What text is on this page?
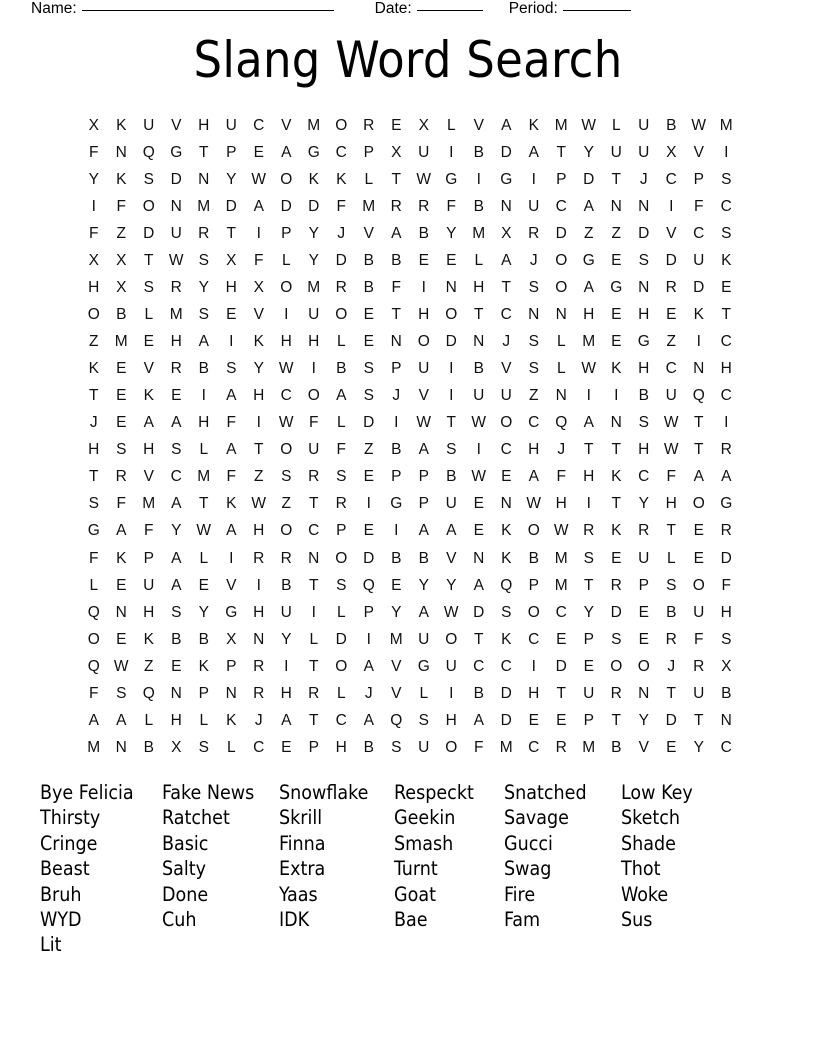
Name:	Date:	Period:
Slang Word Search
X	K	U	V	H	U	C	V	M O	R	E	X	L	V	A	K	M W	L	U	B W M
F	N	Q G	T	P	E	A	G	C	P	X	U	I	B	D	A	T	Y	U	U	X	V	I
Y	K	S	D	N	Y W O	K	K	L	T W G	I	G	I	P	D	T	J	C	P	S
I	F	O	N M D	A	D	D	F	M R	R	F	B	N	U	C	A	N	N	I	F	C
F	Z	D	U	R	T	I	P	Y	J	V	A	B	Y	M	X	R	D	Z	Z	D	V	C	S
X	X	T W S	X	F	L	Y	D	B	B	E	E	L	A	J	O G	E	S	D	U	K
H	X	S	R	Y	H	X	O M R	B	F	I	N	H	T	S	O	A	G	N	R	D	E
O	B	L	M	S	E	V	I	U	O	E	T	H	O	T	C	N	N	H	E	H	E	K	T
Z	M	E	H	A	I	K	H	H	L	E	N	O	D	N	J	S	L	M	E	G	Z	I	C
K	E	V	R	B	S	Y W	I	B	S	P	U	I	B	V	S	L	W K	H	C	N	H
T	E	K	E	I	A	H	C	O	A	S	J	V	I	U	U	Z	N	I	I	B	U	Q	C
J	E	A	A	H	F	I	W F	L	D	I	W T W O	C	Q	A	N	S W T	I
H	S	H	S	L	A	T	O	U	F	Z	B	A	S	I	C	H	J	T	T	H W T	R
T	R	V	C M	F	Z	S	R	S	E	P	P	B W E	A	F	H	K	C	F	A	A
S	F	M	A	T	K W Z	T	R	I	G	P	U	E	N W H	I	T	Y	H	O G
G	A	F	Y W A	H	O	C	P	E	I	A	A	E	K	O W R	K	R	T	E	R
F	K	P	A	L	I	R	R	N	O	D	B	B	V	N	K	B	M	S	E	U	L	E	D
L	E	U	A	E	V	I	B	T	S	Q	E	Y	Y	A	Q	P	M	T	R	P	S	O	F
Q	N	H	S	Y	G	H	U	I	L	P	Y	A W D	S	O	C	Y	D	E	B	U	H
O	E	K	B	B	X	N	Y	L	D	I	M U	O	T	K	C	E	P	S	E	R	F	S
Q W Z	E	K	P	R	I	T	O	A	V	G	U	C	C	I	D	E	O O	J	R	X
F	S	Q	N	P	N	R	H	R	L	J	V	L	I	B	D	H	T	U	R	N	T	U	B
A	A	L	H	L	K	J	A	T	C	A	Q	S	H	A	D	E	E	P	T	Y	D	T	N
M N	B	X	S	L	C	E	P	H	B	S	U	O	F	M C	R M	B	V	E	Y	C
Bye Felicia
Thirsty
Cringe
Beast
Bruh
WYD
Lit
Fake News
Ratchet
Basic
Salty
Done
Cuh
Snowflake
Skrill
Finna
Extra
Yaas
IDK
Respeckt
Geekin
Smash
Turnt
Goat
Bae
Snatched
Savage
Gucci
Swag
Fire
Fam
Low Key
Sketch
Shade
Thot
Woke
Sus
